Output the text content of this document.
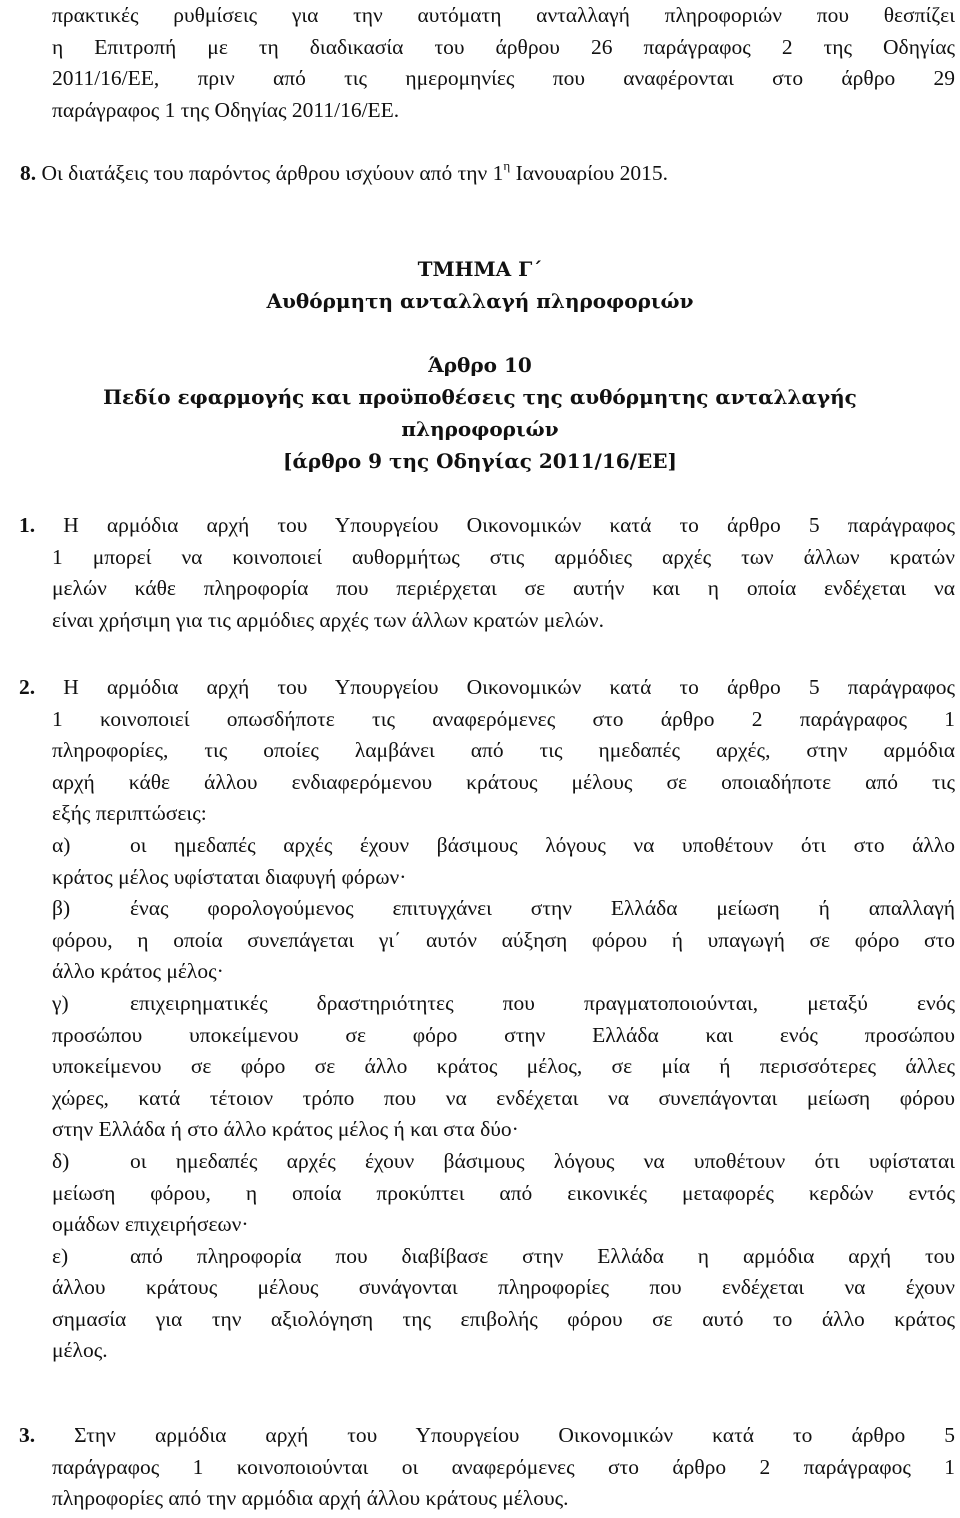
πρακτικές ρυθμίσεις για την αυτόματη ανταλλαγή πληροφοριών που θεσπίζει
η Επιτροπή με τη διαδικασία του άρθρου 26 παράγραφος 2 της Οδηγίας
2011/16/ΕΕ, πριν από τις ημερομηνίες που αναφέρονται στο άρθρο 29
παράγραφος 1 της Οδηγίας 2011/16/ΕΕ.
8. Οι διατάξεις του παρόντος άρθρου ισχύουν από την $1^\eta$ Ιανουαρίου 2015.
ΤΜΗΜΑ Γ΄
Αυθόρμητη ανταλλαγή πληροφοριών
Άρθρο 10
Πεδίο εφαρμογής και προϋποθέσεις της αυθόρμητης ανταλλαγής
πληροφοριών
[άρθρο 9 της Οδηγίας 2011/16/ΕΕ]
1. Η αρμόδια αρχή του Υπουργείου Οικονομικών κατά το άρθρο 5 παράγραφος
1 μπορεί να κοινοποιεί αυθορμήτως στις αρμόδιες αρχές των άλλων κρατών
μελών κάθε πληροφορία που περιέρχεται σε αυτήν και η οποία ενδέχεται να
είναι χρήσιμη για τις αρμόδιες αρχές των άλλων κρατών μελών.
2. Η αρμόδια αρχή του Υπουργείου Οικονομικών κατά το άρθρο 5 παράγραφος
1 κοινοποιεί οπωσδήποτε τις αναφερόμενες στο άρθρο 2 παράγραφος 1
πληροφορίες, τις οποίες λαμβάνει από τις ημεδαπές αρχές, στην αρμόδια
αρχή κάθε άλλου ενδιαφερόμενου κράτους μέλους σε οποιαδήποτε από τις
εξής περιπτώσεις:
α)	οι ημεδαπές αρχές έχουν βάσιμους λόγους να υποθέτουν ότι στο άλλο
κράτος μέλος υφίσταται διαφυγή φόρων·
β)	ένας φορολογούμενος επιτυγχάνει στην Ελλάδα μείωση ή απαλλαγή
φόρου, η οποία συνεπάγεται γι΄ αυτόν αύξηση φόρου ή υπαγωγή σε φόρο στο
άλλο κράτος μέλος·
γ)	επιχειρηματικές δραστηριότητες που πραγματοποιούνται, μεταξύ ενός
προσώπου υποκείμενου σε φόρο στην Ελλάδα και ενός προσώπου
υποκείμενου σε φόρο σε άλλο κράτος μέλος, σε μία ή περισσότερες άλλες
χώρες, κατά τέτοιον τρόπο που να ενδέχεται να συνεπάγονται μείωση φόρου
στην Ελλάδα ή στο άλλο κράτος μέλος ή και στα δύο·
δ)	οι ημεδαπές αρχές έχουν βάσιμους λόγους να υποθέτουν ότι υφίσταται
μείωση φόρου, η οποία προκύπτει από εικονικές μεταφορές κερδών εντός
ομάδων επιχειρήσεων·
ε)	από πληροφορία που διαβίβασε στην Ελλάδα η αρμόδια αρχή του
άλλου κράτους μέλους συνάγονται πληροφορίες που ενδέχεται να έχουν
σημασία για την αξιολόγηση της επιβολής φόρου σε αυτό το άλλο κράτος
μέλος.
3. Στην αρμόδια αρχή του Υπουργείου Οικονομικών κατά το άρθρο 5
παράγραφος 1 κοινοποιούνται οι αναφερόμενες στο άρθρο 2 παράγραφος 1
πληροφορίες από την αρμόδια αρχή άλλου κράτους μέλους.
